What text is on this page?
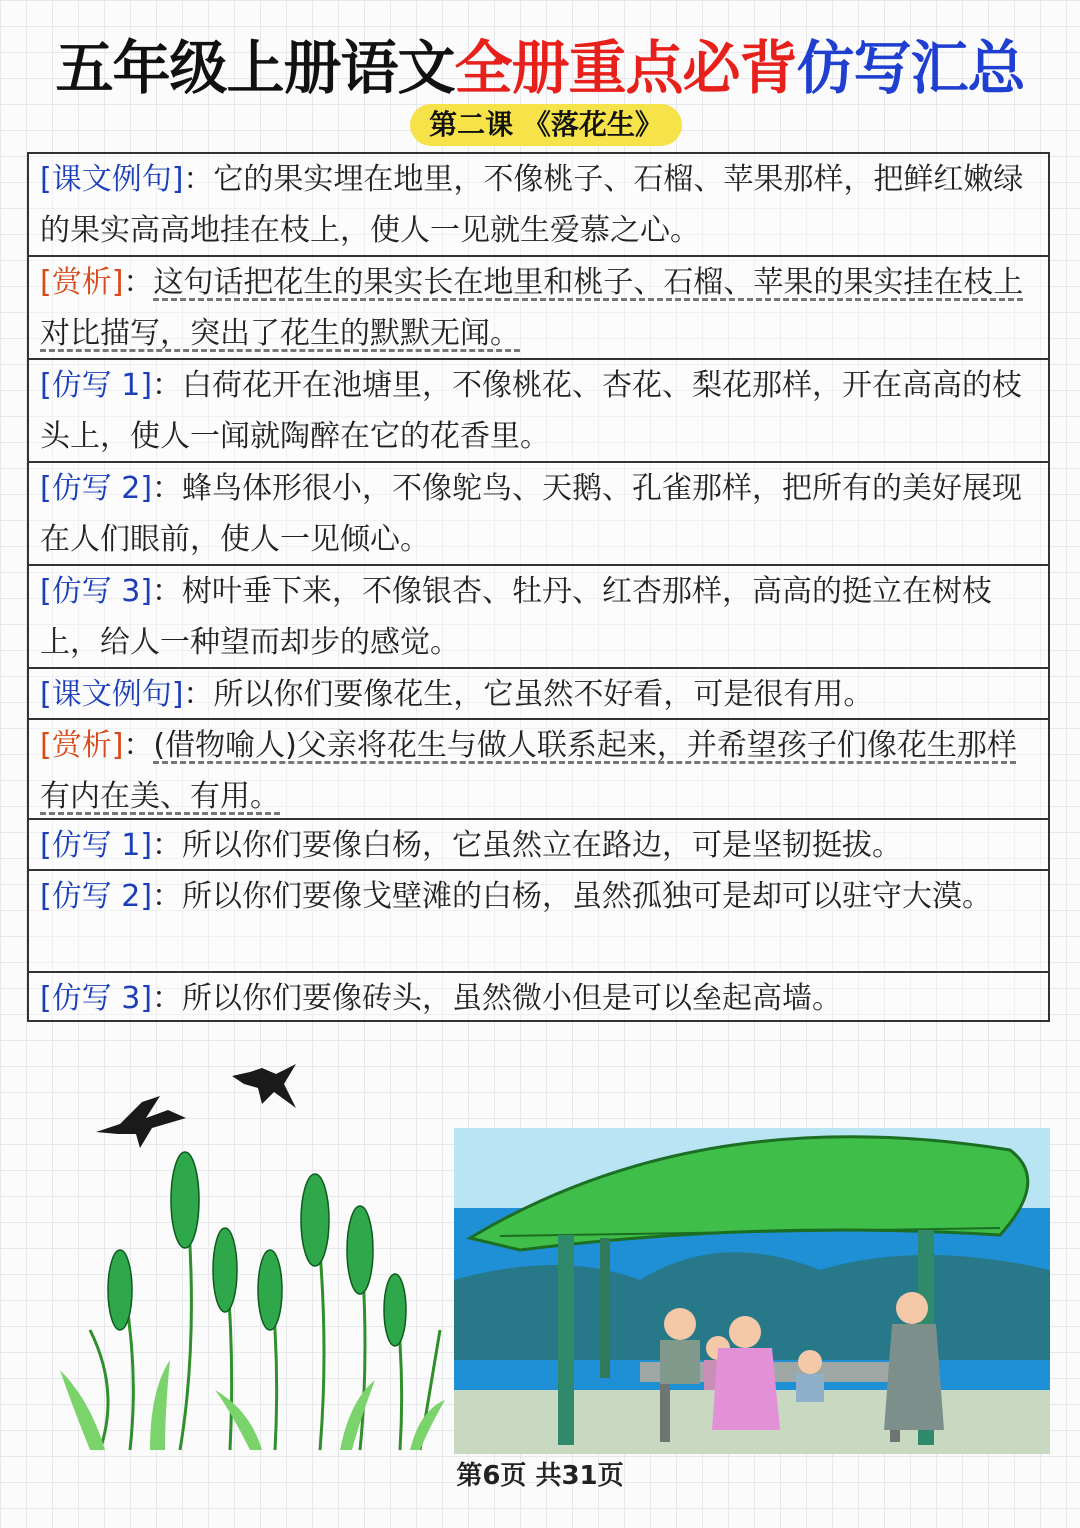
五年级上册语文全册重点必背仿写汇总
第二课 《落花生》
[课文例句]：它的果实埋在地里，不像桃子、石榴、苹果那样，把鲜红嫩绿的果实高高地挂在枝上，使人一见就生爱慕之心。
[赏析]：这句话把花生的果实长在地里和桃子、石榴、苹果的果实挂在枝上对比描写，突出了花生的默默无闻。
[仿写 1]：白荷花开在池塘里，不像桃花、杏花、梨花那样，开在高高的枝头上，使人一闻就陶醉在它的花香里。
[仿写 2]：蜂鸟体形很小，不像鸵鸟、天鹅、孔雀那样，把所有的美好展现在人们眼前，使人一见倾心。
[仿写 3]：树叶垂下来，不像银杏、牡丹、红杏那样，高高的挺立在树枝上，给人一种望而却步的感觉。
[课文例句]：所以你们要像花生，它虽然不好看，可是很有用。
[赏析]：(借物喻人)父亲将花生与做人联系起来，并希望孩子们像花生那样有内在美、有用。
[仿写 1]：所以你们要像白杨，它虽然立在路边，可是坚韧挺拔。
[仿写 2]：所以你们要像戈壁滩的白杨，虽然孤独可是却可以驻守大漠。
[仿写 3]：所以你们要像砖头，虽然微小但是可以垒起高墙。
第6页 共31页
